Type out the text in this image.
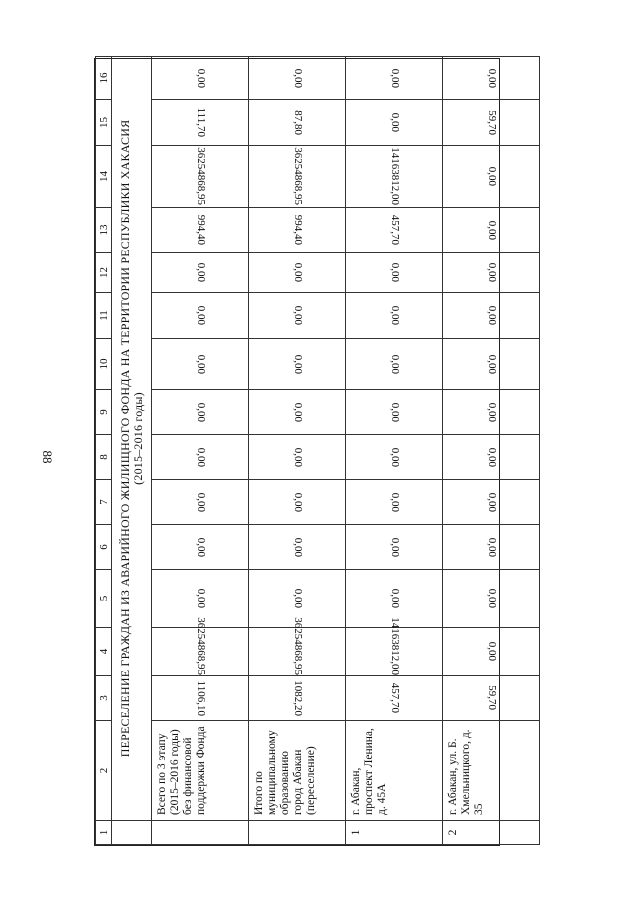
88
1	2	3	4	5	6	7	8	9	10	11	12	13	14	15	16

	ПЕРЕСЕЛЕНИЕ ГРАЖДАН ИЗ АВАРИЙНОГО ЖИЛИЩНОГО ФОНДА НА ТЕРРИТОРИИ РЕСПУБЛИКИ ХАКАСИЯ (2015–2016 годы)														

	Всего по 3 этапу (2015–2016 годы) без финансовой поддержки Фонда	1106,10	36254868,95	0,00	0,00	0,00	0,00	0,00	0,00	0,00	0,00	994,40	36254868,95	111,70	0,00
	Итого по муниципальному образованию город Абакан (переселение)	1082,20	36254868,95	0,00	0,00	0,00	0,00	0,00	0,00	0,00	0,00	994,40	36254868,95	87,80	0,00
1	г. Абакан, проспект Ленина, д. 45А	457,70	14163812,00	0,00	0,00	0,00	0,00	0,00	0,00	0,00	0,00	457,70	14163812,00	0,00	0,00
2	г. Абакан, ул. Б. Хмельницкого, д. 35	59,70	0,00	0,00	0,00	0,00	0,00	0,00	0,00	0,00	0,00	0,00	0,00	59,70	0,00
